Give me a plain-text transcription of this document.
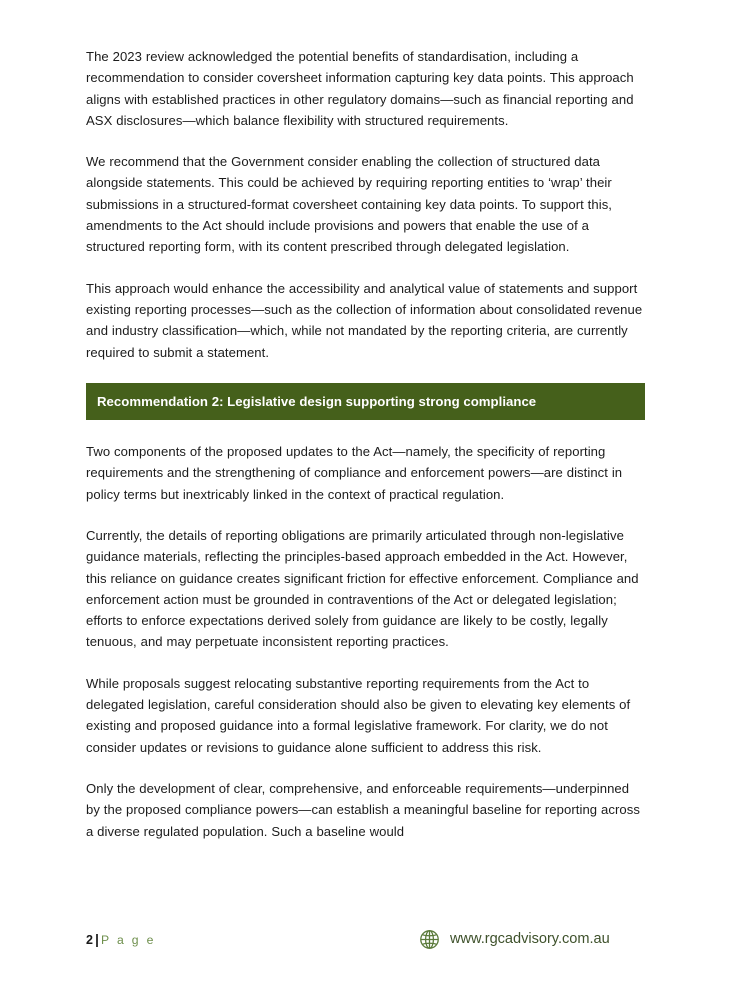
The 2023 review acknowledged the potential benefits of standardisation, including a recommendation to consider coversheet information capturing key data points. This approach aligns with established practices in other regulatory domains—such as financial reporting and ASX disclosures—which balance flexibility with structured requirements.

We recommend that the Government consider enabling the collection of structured data alongside statements. This could be achieved by requiring reporting entities to ‘wrap’ their submissions in a structured-format coversheet containing key data points. To support this, amendments to the Act should include provisions and powers that enable the use of a structured reporting form, with its content prescribed through delegated legislation.

This approach would enhance the accessibility and analytical value of statements and support existing reporting processes—such as the collection of information about consolidated revenue and industry classification—which, while not mandated by the reporting criteria, are currently required to submit a statement.

Recommendation 2: Legislative design supporting strong compliance

Two components of the proposed updates to the Act—namely, the specificity of reporting requirements and the strengthening of compliance and enforcement powers—are distinct in policy terms but inextricably linked in the context of practical regulation.

Currently, the details of reporting obligations are primarily articulated through non-legislative guidance materials, reflecting the principles-based approach embedded in the Act. However, this reliance on guidance creates significant friction for effective enforcement. Compliance and enforcement action must be grounded in contraventions of the Act or delegated legislation; efforts to enforce expectations derived solely from guidance are likely to be costly, legally tenuous, and may perpetuate inconsistent reporting practices.

While proposals suggest relocating substantive reporting requirements from the Act to delegated legislation, careful consideration should also be given to elevating key elements of existing and proposed guidance into a formal legislative framework. For clarity, we do not consider updates or revisions to guidance alone sufficient to address this risk.

Only the development of clear, comprehensive, and enforceable requirements—underpinned by the proposed compliance powers—can establish a meaningful baseline for reporting across a diverse regulated population. Such a baseline would

2 P a g e	www.rgcadvisory.com.au
